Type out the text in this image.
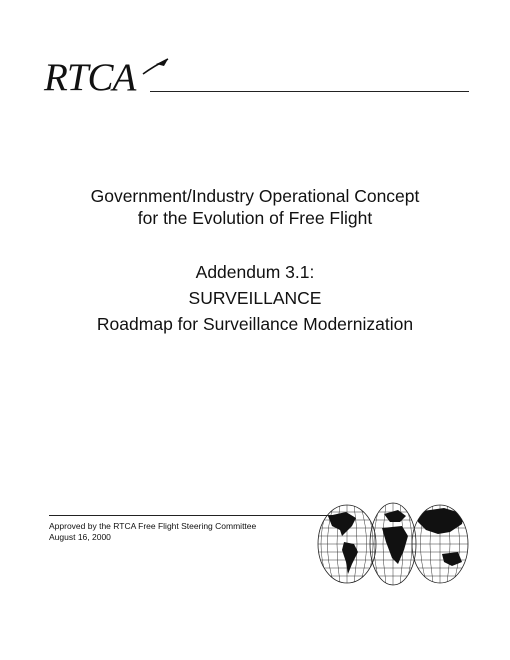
RTCA
Government/Industry Operational Concept
for the Evolution of Free Flight
Addendum 3.1:
SURVEILLANCE
Roadmap for Surveillance Modernization
Approved by the RTCA Free Flight Steering Committee
August 16, 2000
